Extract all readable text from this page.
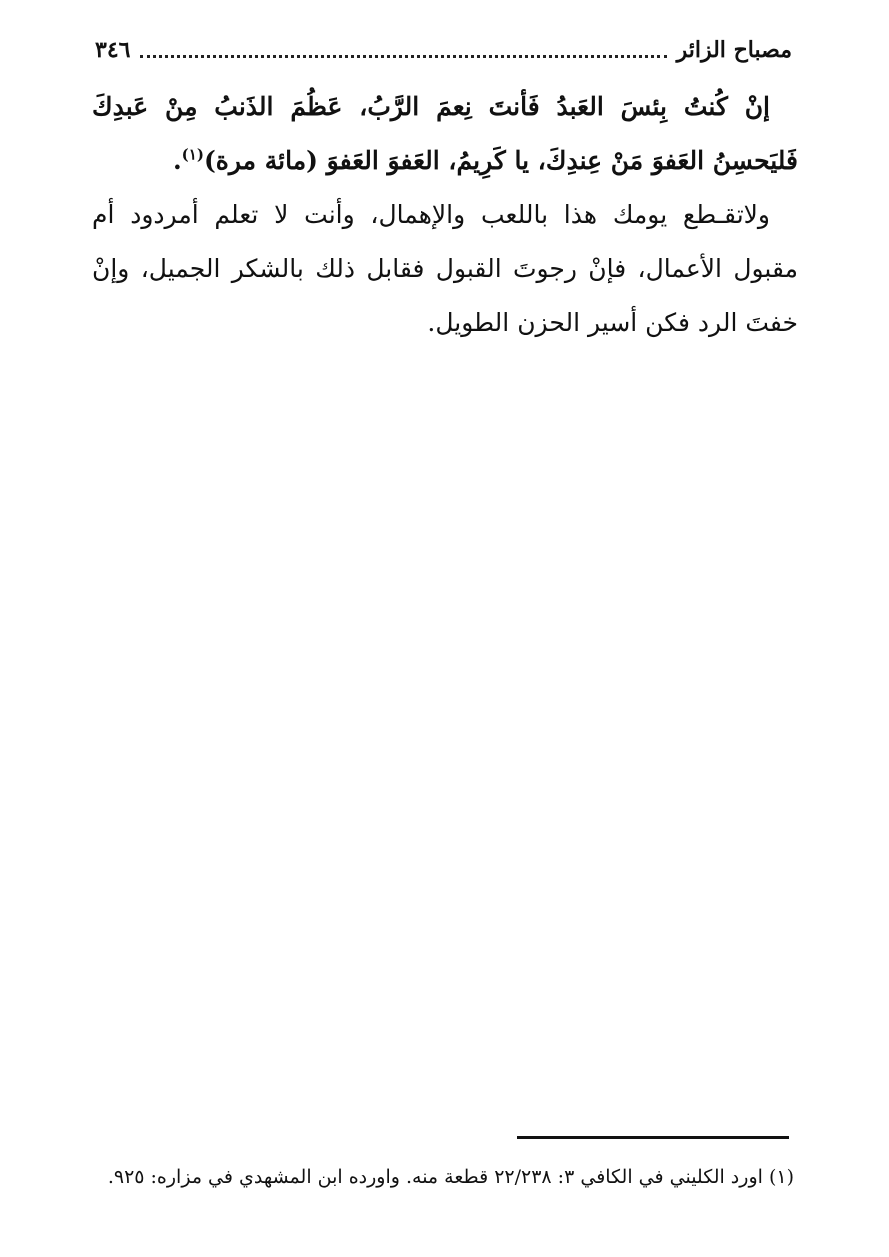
مصباح الزائر
٣٤٦

إنْ كُنتُ بِئسَ العَبدُ فَأنتَ نِعمَ الرَّبُ، عَظُمَ الذَنبُ مِنْ عَبدِكَ فَليَحسِنُ العَفوَ مَنْ عِندِكَ، يا كَرِيمُ، العَفوَ العَفوَ (مائة مرة)$^{(١)}$.

ولاتقـطع يومك هذا باللعب والإهمال، وأنت لا تعلم أمردود أم مقبول الأعمال، فإنْ رجوتَ القبول فقابل ذلك بالشكر الجميل، وإنْ خفتَ الرد فكن أسير الحزن الطويل.

(١) اورد الكليني في الكافي ٣: ٢٢/٢٣٨ قطعة منه. واورده ابن المشهدي في مزاره: ٩٢٥.
